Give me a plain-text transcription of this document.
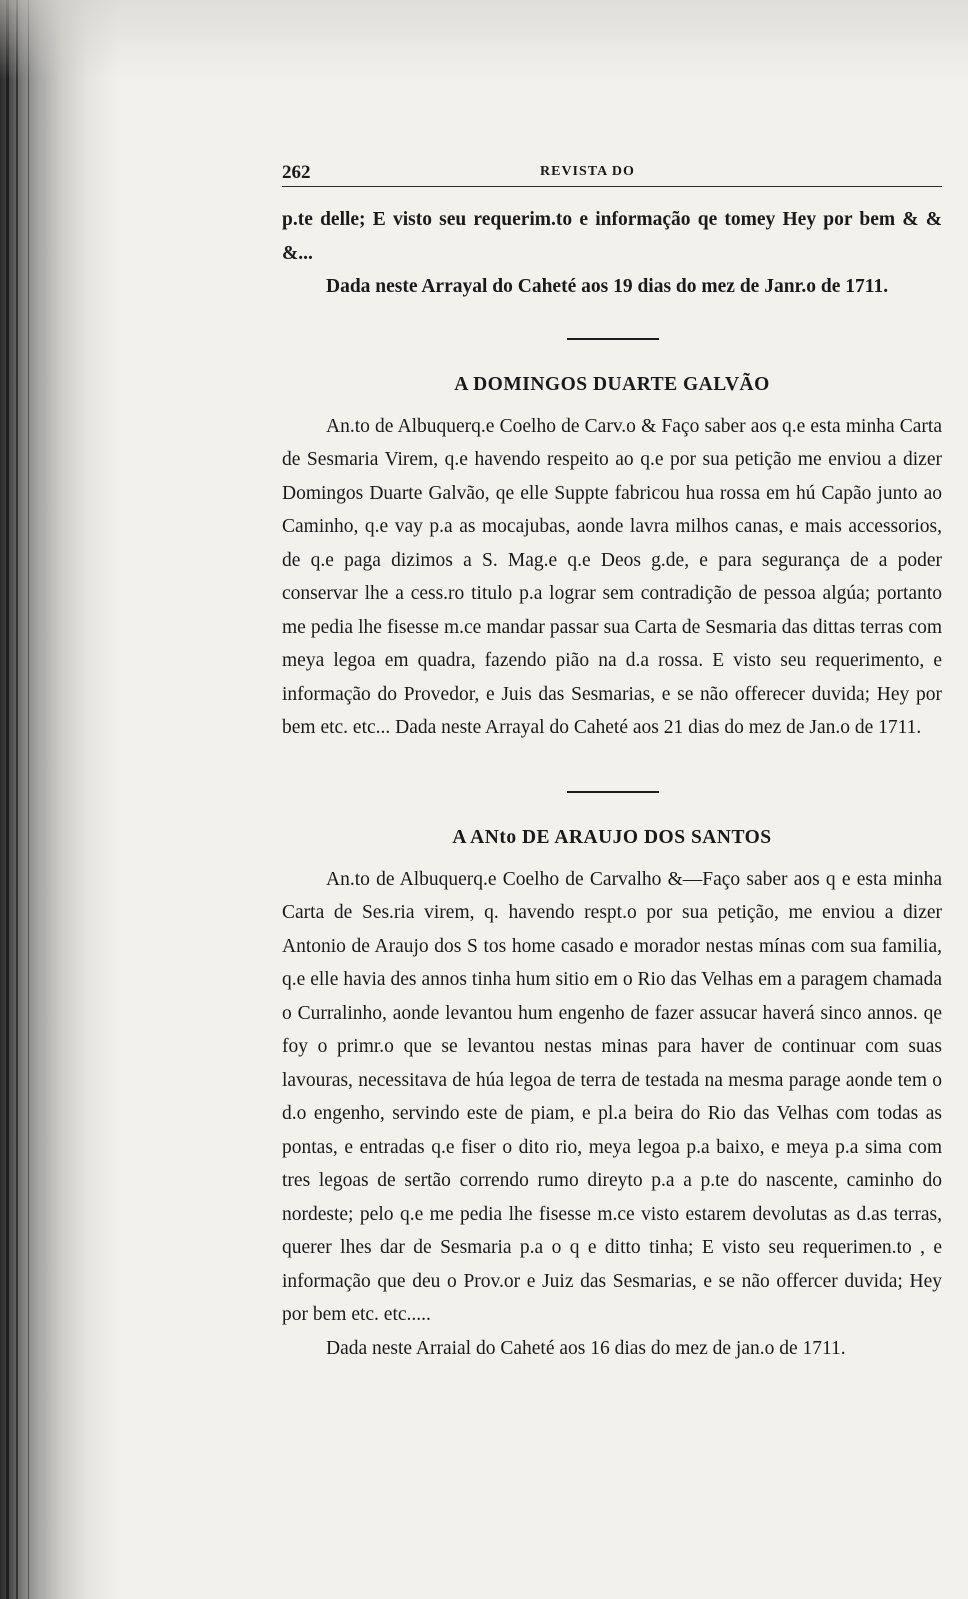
262	REVISTA DO

p.te delle; E visto seu requerim.to e informação qe tomey Hey por bem & & &...

Dada neste Arrayal do Caheté aos 19 dias do mez de Janr.o de 1711.

A DOMINGOS DUARTE GALVÃO

An.to de Albuquerq.e Coelho de Carv.o & Faço saber aos q.e esta minha Carta de Sesmaria Virem, q.e havendo respeito ao q.e por sua petição me enviou a dizer Domingos Duarte Galvão, qe elle Suppte fabricou hua rossa em hú Capão junto ao Caminho, q.e vay p.a as mocajubas, aonde lavra milhos canas, e mais accessorios, de q.e paga dizimos a S. Mag.e q.e Deos g.de, e para segurança de a poder conservar lhe a cess.ro titulo p.a lograr sem contradição de pessoa algúa; portanto me pedia lhe fisesse m.ce mandar passar sua Carta de Sesmaria das dittas terras com meya legoa em quadra, fazendo pião na d.a rossa. E visto seu requerimento, e informação do Provedor, e Juis das Sesmarias, e se não offerecer duvida; Hey por bem etc. etc... Dada neste Arrayal do Caheté aos 21 dias do mez de Jan.o de 1711.

A ANto DE ARAUJO DOS SANTOS

An.to de Albuquerq.e Coelho de Carvalho &—Faço saber aos q e esta minha Carta de Ses.ria virem, q. havendo respt.o por sua petição, me enviou a dizer Antonio de Araujo dos S tos home casado e morador nestas mínas com sua familia, q.e elle havia des annos tinha hum sitio em o Rio das Velhas em a paragem chamada o Curralinho, aonde levantou hum engenho de fazer assucar haverá sinco annos. qe foy o primr.o que se levantou nestas minas para haver de continuar com suas lavouras, necessitava de húa legoa de terra de testada na mesma parage aonde tem o d.o engenho, servindo este de piam, e pl.a beira do Rio das Velhas com todas as pontas, e entradas q.e fiser o dito rio, meya legoa p.a baixo, e meya p.a sima com tres legoas de sertão correndo rumo direyto p.a a p.te do nascente, caminho do nordeste; pelo q.e me pedia lhe fisesse m.ce visto estarem devolutas as d.as terras, querer lhes dar de Sesmaria p.a o q e ditto tinha; E visto seu requerimen.to , e informação que deu o Prov.or e Juiz das Sesmarias, e se não offercer duvida; Hey por bem etc. etc.....

Dada neste Arraial do Caheté aos 16 dias do mez de jan.o de 1711.
